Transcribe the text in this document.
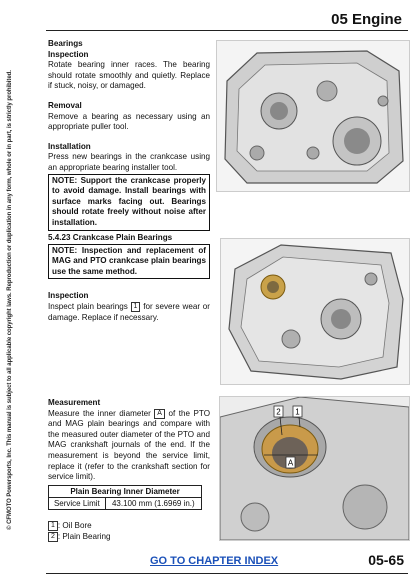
05 Engine
© CFMOTO Powersports, Inc. This manual is subject to all applicable copyright laws. Reproduction or duplication in any form, whole or in part, is strictly prohibited.
Bearings
Inspection
Rotate bearing inner races. The bearing should rotate smoothly and quietly. Replace if stuck, noisy, or damaged.
Removal
Remove a bearing as necessary using an appropriate puller tool.
Installation
Press new bearings in the crankcase using an appropriate bearing installer tool.
NOTE: Support the crankcase properly to avoid damage. Install bearings with surface marks facing out. Bearings should rotate freely without noise after installation.
5.4.23 Crankcase Plain Bearings
NOTE: Inspection and replacement of MAG and PTO crankcase plain bearings use the same method.
Inspection
Inspect plain bearings 1 for severe wear or damage. Replace if necessary.
Measurement
Measure the inner diameter A of the PTO and MAG plain bearings and compare with the measured outer diameter of the PTO and MAG crankshaft journals of the end. If the measurement is beyond the service limit, replace it (refer to the crankshaft section for service limit).
Plain Bearing Inner Diameter
Service Limit	43.100 mm (1.6969 in.)
1 : Oil Bore
2 : Plain Bearing
2 1
A
GO TO CHAPTER INDEX	05-65
